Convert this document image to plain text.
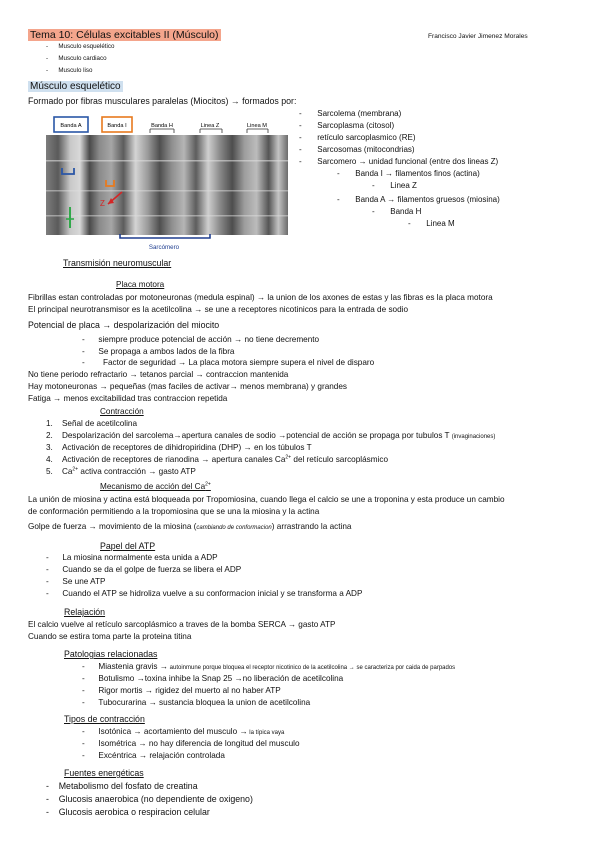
Tema 10: Células excitables II (Músculo)	Francisco Javier Jimenez Morales
-      Musculo esquelético
-      Musculo cardiaco
-      Musculo liso
Músculo esquelético
Formado por fibras musculares paralelas (Miocitos) → formados por:
Banda A	Banda I	Banda H	Linea Z	Linea M
Z
Sarcómero
-       Sarcolema (membrana)
-       Sarcoplasma (citosol)
-       retículo sarcoplasmico (RE)
-       Sarcosomas (mitocondrias)
-       Sarcomero → unidad funcional (entre dos lineas Z)
-       Banda I → filamentos finos (actina)
-       Linea Z
-       Banda A → filamentos gruesos (miosina)
-       Banda H
-       Linea M
Transmisión neuromuscular
Placa motora
Fibrillas estan controladas por motoneuronas (medula espinal) → la union de los axones de estas y las fibras es la placa motora
El principal neurotransmisor es la acetilcolina → se une a receptores nicotinicos para la entrada de sodio
Potencial de placa → despolarización del miocito
-      siempre produce potencial de acción → no tiene decremento
-      Se propaga a ambos lados de la fibra
-        Factor de seguridad → La placa motora siempre supera el nivel de disparo
No tiene periodo refractario → tetanos parcial → contraccion mantenida
Hay motoneuronas → pequeñas (mas faciles de activar→ menos membrana) y grandes
Fatiga → menos excitabilidad tras contraccion repetida
Contracción
1.    Señal de acetilcolina
2.    Despolarización del sarcolema→apertura canales de sodio →potencial de acción se propaga por tubulos T (invaginaciones)
3.    Activación de receptores de dihidropiridina (DHP) → en los túbulos T
4.    Activación de receptores de rianodina → apertura canales $Ca^{2+}$ del retículo sarcoplásmico
5.    $Ca^{2+}$ activa contracción → gasto ATP
Mecanismo de acción del $Ca^{2+}$
La unión de miosina y actina está bloqueada por Tropomiosina, cuando llega el calcio se une a troponina y esta produce un cambio
de conformación permitiendo a la tropomiosina que se una la miosina y la actina
Golpe de fuerza → movimiento de la miosina (cambiando de conformacion) arrastrando la actina
Papel del ATP
-      La miosina normalmente esta unida a ADP
-      Cuando se da el golpe de fuerza se libera el ADP
-      Se une ATP
-      Cuando el ATP se hidroliza vuelve a su conformacion inicial y se transforma a ADP
Relajación
El calcio vuelve al retículo sarcoplásmico a traves de la bomba SERCA → gasto ATP
Cuando se estira toma parte la proteina titina
Patologias relacionadas
-      Miastenia gravis → autoinmune porque bloquea el receptor nicotinico de la acetilcolina → se caracteriza por caida de parpados
-      Botulismo →toxina inhibe la Snap 25 →no liberación de acetilcolina
-      Rigor mortis → rigidez del muerto al no haber ATP
-      Tubocurarina → sustancia bloquea la union de acetilcolina
Tipos de contracción
-      Isotónica → acortamiento del musculo → la típica vaya
-      Isométrica → no hay diferencia de longitud del musculo
-      Excéntrica → relajación controlada
Fuentes energéticas
-    Metabolismo del fosfato de creatina
-    Glucosis anaerobica (no dependiente de oxigeno)
-    Glucosis aerobica o respiracion celular
